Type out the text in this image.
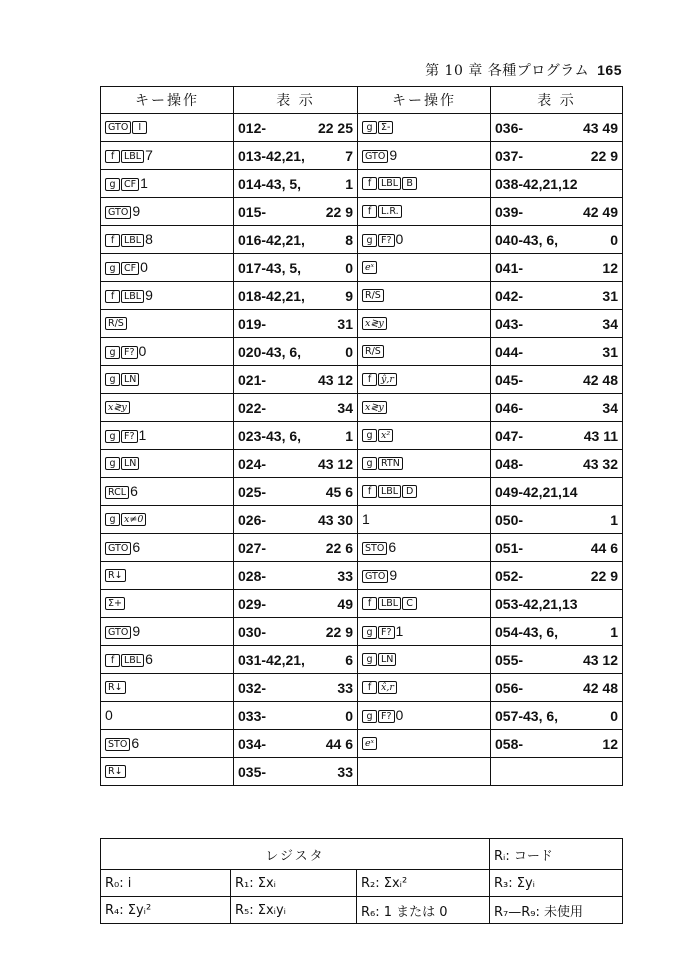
第 10 章 各種プログラム 165
キー操作	表 示	キー操作	表 示
GTO I	012- 22 25	g Σ-	036- 43 49

f LBL 7	013-42,21, 7	GTO 9	037- 22 9

g CF 1	014-43, 5, 1	f LBL B	038-42,21,12

GTO 9	015- 22 9	f L.R.	039- 42 49

f LBL 8	016-42,21, 8	g F? 0	040-43, 6, 0

g CF 0	017-43, 5, 0	eˣ	041- 12

f LBL 9	018-42,21, 9	R/S	042- 31

R/S	019- 31	x≷y	043- 34

g F? 0	020-43, 6, 0	R/S	044- 31

g LN	021- 43 12	f ŷ,r	045- 42 48

x≷y	022- 34	x≷y	046- 34

g F? 1	023-43, 6, 1	g x²	047- 43 11

g LN	024- 43 12	g RTN	048- 43 32

RCL 6	025- 45 6	f LBL D	049-42,21,14

g x≠0	026- 43 30	1	050- 1

GTO 6	027- 22 6	STO 6	051- 44 6

R↓	028- 33	GTO 9	052- 22 9

Σ+	029- 49	f LBL C	053-42,21,13

GTO 9	030- 22 9	g F? 1	054-43, 6, 1

f LBL 6	031-42,21, 6	g LN	055- 43 12

R↓	032- 33	f x̂,r	056- 42 48

0	033- 0	g F? 0	057-43, 6, 0

STO 6	034- 44 6	eˣ	058- 12

R↓	035- 33		

レジスタ			Rᵢ: コード
R₀: i	R₁: Σxᵢ	R₂: Σxᵢ²	R₃: Σyᵢ
R₄: Σyᵢ²	R₅: Σxᵢyᵢ	R₆: 1 または 0	R₇—R₉: 未使用
